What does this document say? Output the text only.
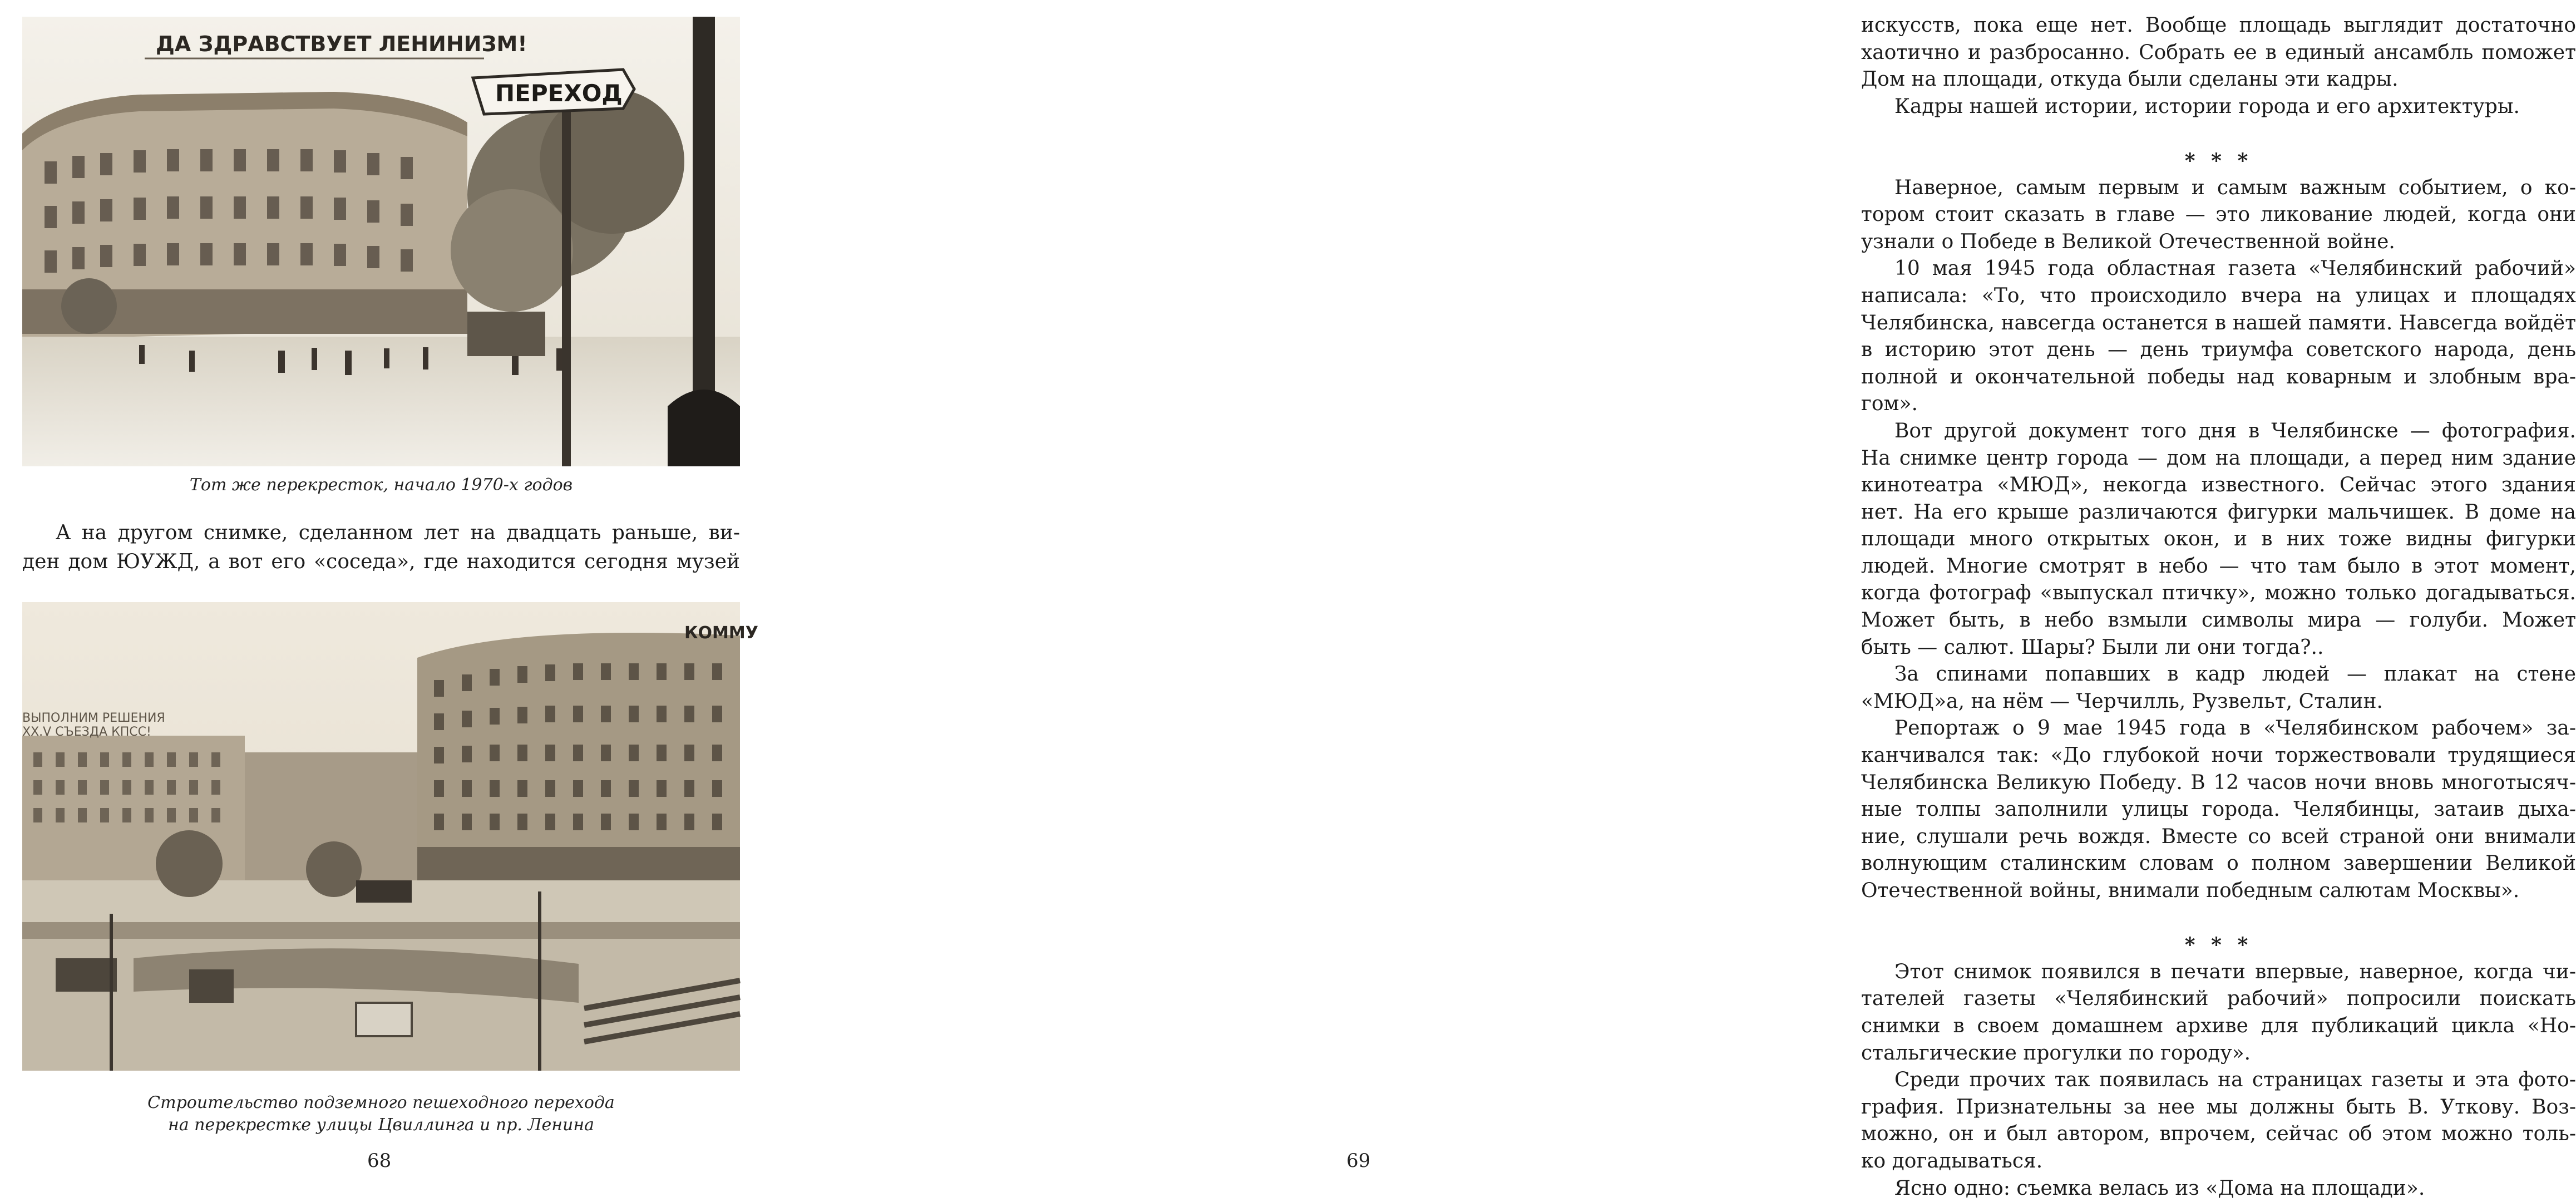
ПЕРЕХОД
ДА ЗДРАВСТВУЕТ ЛЕНИНИЗМ!
Тот же перекресток, начало 1970-х годов
А на другом снимке, сделанном лет на двадцать раньше, ви-
ден дом ЮУЖД, а вот его «соседа», где находится сегодня музей
ВЫПОЛНИМ РЕШЕНИЯ
XX.V СЪЕЗДА КПСС!
КОММУ
Строительство подземного пешеходного перехода
на перекрестке улицы Цвиллинга и пр. Ленина
68
искусств, пока еще нет. Вообще площадь выглядит достаточно
хаотично и разбросанно. Собрать ее в единый ансамбль поможет
Дом на площади, откуда были сделаны эти кадры.
Кадры нашей истории, истории города и его архитектуры.

* * *
Наверное, самым первым и самым важным событием, о ко-
тором стоит сказать в главе — это ликование людей, когда они
узнали о Победе в Великой Отечественной войне.
10 мая 1945 года областная газета «Челябинский рабочий»
написала: «То, что происходило вчера на улицах и площадях
Челябинска, навсегда останется в нашей памяти. Навсегда войдёт
в историю этот день — день триумфа советского народа, день
полной и окончательной победы над коварным и злобным вра-
гом».
Вот другой документ того дня в Челябинске — фотография.
На снимке центр города — дом на площади, а перед ним здание
кинотеатра «МЮД», некогда известного. Сейчас этого здания
нет. На его крыше различаются фигурки мальчишек. В доме на
площади много открытых окон, и в них тоже видны фигурки
людей. Многие смотрят в небо — что там было в этот момент,
когда фотограф «выпускал птичку», можно только догадываться.
Может быть, в небо взмыли символы мира — голуби. Может
быть — салют. Шары? Были ли они тогда?..
За спинами попавших в кадр людей — плакат на стене
«МЮД»а, на нём — Черчилль, Рузвельт, Сталин.
Репортаж о 9 мае 1945 года в «Челябинском рабочем» за-
канчивался так: «До глубокой ночи торжествовали трудящиеся
Челябинска Великую Победу. В 12 часов ночи вновь многотысяч-
ные толпы заполнили улицы города. Челябинцы, затаив дыха-
ние, слушали речь вождя. Вместе со всей страной они внимали
волнующим сталинским словам о полном завершении Великой
Отечественной войны, внимали победным салютам Москвы».

* * *
Этот снимок появился в печати впервые, наверное, когда чи-
тателей газеты «Челябинский рабочий» попросили поискать
снимки в своем домашнем архиве для публикаций цикла «Но-
стальгические прогулки по городу».
Среди прочих так появилась на страницах газеты и эта фото-
графия. Признательны за нее мы должны быть В. Уткову. Воз-
можно, он и был автором, впрочем, сейчас об этом можно толь-
ко догадываться.
Ясно одно: съемка велась из «Дома на площади».
69
